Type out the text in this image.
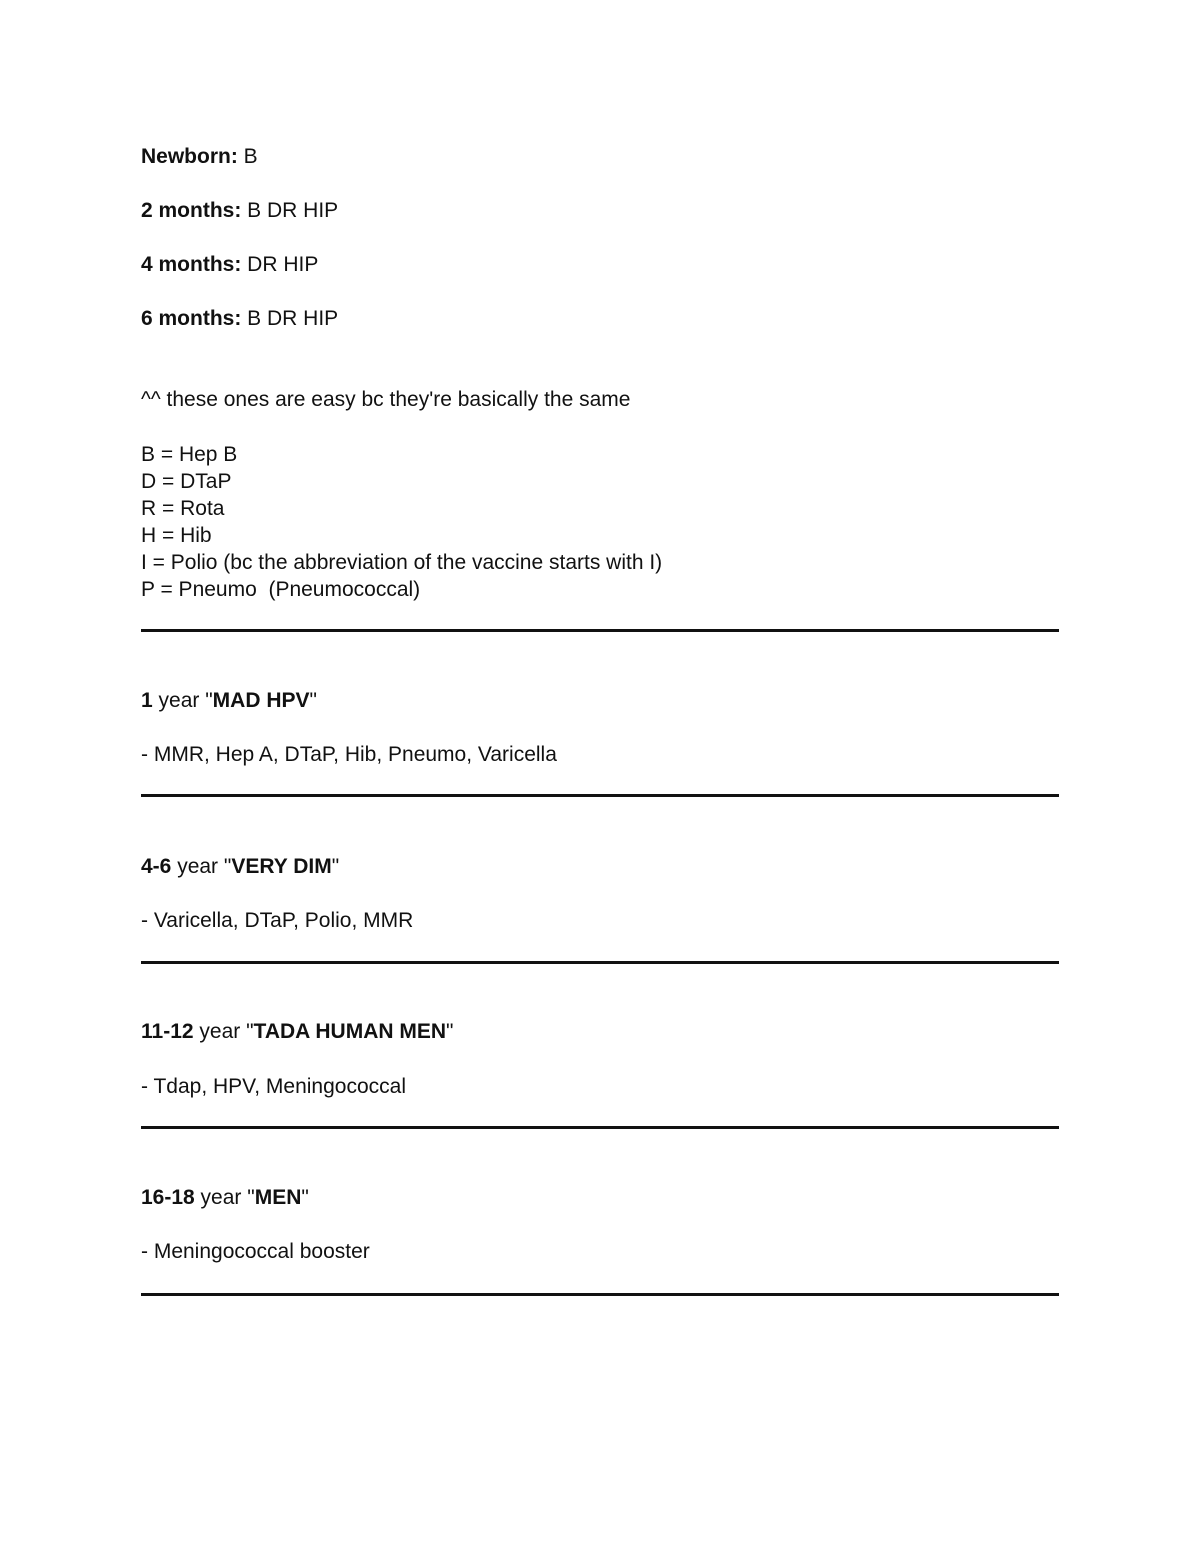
Newborn: B
2 months: B DR HIP
4 months: DR HIP
6 months: B DR HIP
^^ these ones are easy bc they're basically the same
B = Hep B
D = DTaP
R = Rota
H = Hib
I = Polio (bc the abbreviation of the vaccine starts with I)
P = Pneumo  (Pneumococcal)
1 year "MAD HPV"
- MMR, Hep A, DTaP, Hib, Pneumo, Varicella
4-6 year "VERY DIM"
- Varicella, DTaP, Polio, MMR
11-12 year "TADA HUMAN MEN"
- Tdap, HPV, Meningococcal
16-18 year "MEN"
- Meningococcal booster
